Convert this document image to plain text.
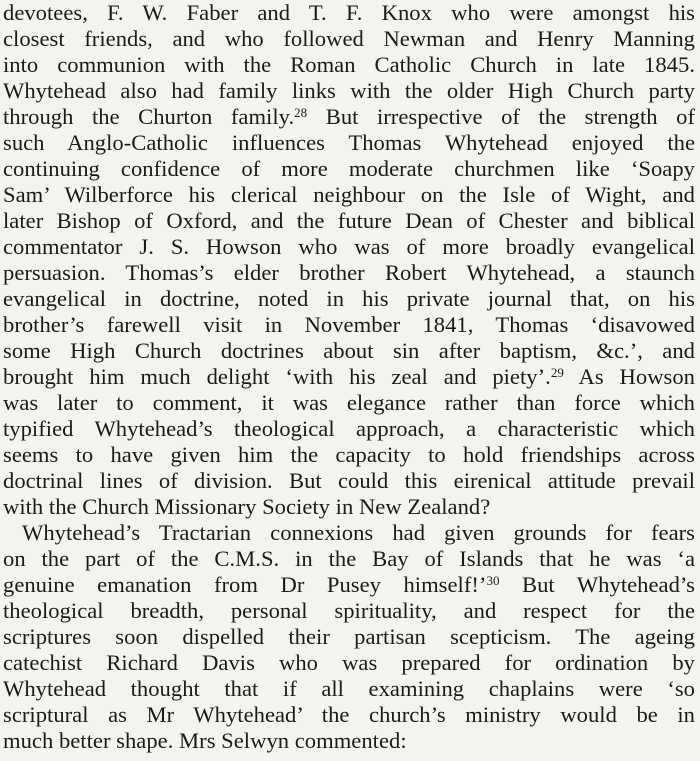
devotees, F. W. Faber and T. F. Knox who were amongst his
closest friends, and who followed Newman and Henry Manning
into communion with the Roman Catholic Church in late 1845.
Whytehead also had family links with the older High Church party
through the Churton family.$^{28}$ But irrespective of the strength of
such Anglo-Catholic influences Thomas Whytehead enjoyed the
continuing confidence of more moderate churchmen like ‘Soapy
Sam’ Wilberforce his clerical neighbour on the Isle of Wight, and
later Bishop of Oxford, and the future Dean of Chester and biblical
commentator J. S. Howson who was of more broadly evangelical
persuasion. Thomas’s elder brother Robert Whytehead, a staunch
evangelical in doctrine, noted in his private journal that, on his
brother’s farewell visit in November 1841, Thomas ‘disavowed
some High Church doctrines about sin after baptism, &c.’, and
brought him much delight ‘with his zeal and piety’.$^{29}$ As Howson
was later to comment, it was elegance rather than force which
typified Whytehead’s theological approach, a characteristic which
seems to have given him the capacity to hold friendships across
doctrinal lines of division. But could this eirenical attitude prevail
with the Church Missionary Society in New Zealand?
Whytehead’s Tractarian connexions had given grounds for fears
on the part of the C.M.S. in the Bay of Islands that he was ‘a
genuine emanation from Dr Pusey himself!’$^{30}$ But Whytehead’s
theological breadth, personal spirituality, and respect for the
scriptures soon dispelled their partisan scepticism. The ageing
catechist Richard Davis who was prepared for ordination by
Whytehead thought that if all examining chaplains were ‘so
scriptural as Mr Whytehead’ the church’s ministry would be in
much better shape. Mrs Selwyn commented:
